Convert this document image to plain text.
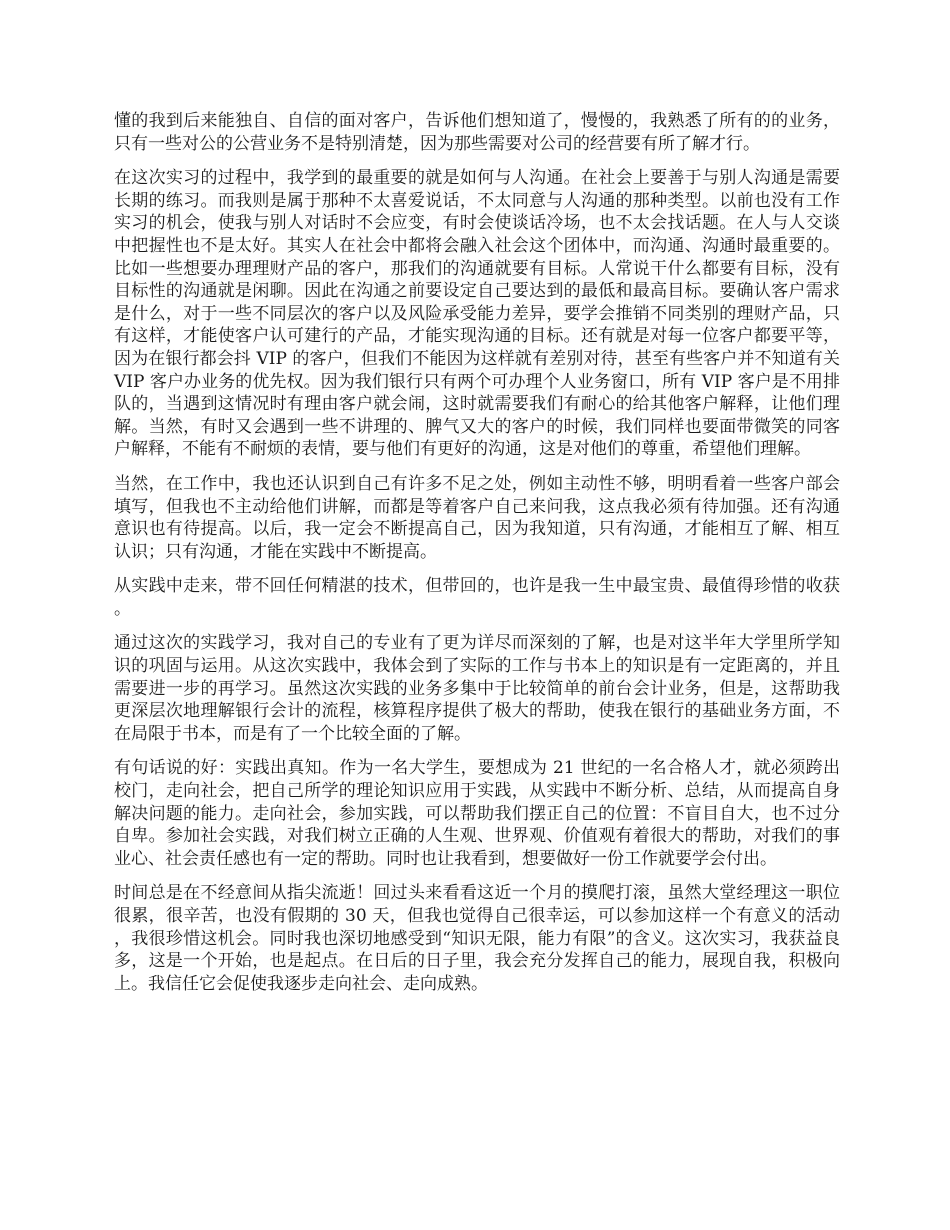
懂的我到后来能独自、自信的面对客户，告诉他们想知道了，慢慢的，我熟悉了所有的的业务，只有一些对公的公营业务不是特别清楚，因为那些需要对公司的经营要有所了解才行。

在这次实习的过程中，我学到的最重要的就是如何与人沟通。在社会上要善于与别人沟通是需要长期的练习。而我则是属于那种不太喜爱说话，不太同意与人沟通的那种类型。以前也没有工作实习的机会，使我与别人对话时不会应变，有时会使谈话冷场，也不太会找话题。在人与人交谈中把握性也不是太好。其实人在社会中都将会融入社会这个团体中，而沟通、沟通时最重要的。比如一些想要办理理财产品的客户，那我们的沟通就要有目标。人常说干什么都要有目标，没有目标性的沟通就是闲聊。因此在沟通之前要设定自己要达到的最低和最高目标。要确认客户需求是什么，对于一些不同层次的客户以及风险承受能力差异，要学会推销不同类别的理财产品，只有这样，才能使客户认可建行的产品，才能实现沟通的目标。还有就是对每一位客户都要平等，因为在银行都会抖 VIP 的客户，但我们不能因为这样就有差别对待，甚至有些客户并不知道有关 VIP 客户办业务的优先权。因为我们银行只有两个可办理个人业务窗口，所有 VIP 客户是不用排队的，当遇到这情况时有理由客户就会闹，这时就需要我们有耐心的给其他客户解释，让他们理解。当然，有时又会遇到一些不讲理的、脾气又大的客户的时候，我们同样也要面带微笑的同客户解释，不能有不耐烦的表情，要与他们有更好的沟通，这是对他们的尊重，希望他们理解。

当然，在工作中，我也还认识到自己有许多不足之处，例如主动性不够，明明看着一些客户部会填写，但我也不主动给他们讲解，而都是等着客户自己来问我，这点我必须有待加强。还有沟通意识也有待提高。以后，我一定会不断提高自己，因为我知道，只有沟通，才能相互了解、相互认识；只有沟通，才能在实践中不断提高。

从实践中走来，带不回任何精湛的技术，但带回的，也许是我一生中最宝贵、最值得珍惜的收获。

通过这次的实践学习，我对自己的专业有了更为详尽而深刻的了解，也是对这半年大学里所学知识的巩固与运用。从这次实践中，我体会到了实际的工作与书本上的知识是有一定距离的，并且需要进一步的再学习。虽然这次实践的业务多集中于比较简单的前台会计业务，但是，这帮助我更深层次地理解银行会计的流程，核算程序提供了极大的帮助，使我在银行的基础业务方面，不在局限于书本，而是有了一个比较全面的了解。

有句话说的好：实践出真知。作为一名大学生，要想成为 21 世纪的一名合格人才，就必须跨出校门，走向社会，把自己所学的理论知识应用于实践，从实践中不断分析、总结，从而提高自身解决问题的能力。走向社会，参加实践，可以帮助我们摆正自己的位置：不盲目自大，也不过分自卑。参加社会实践，对我们树立正确的人生观、世界观、价值观有着很大的帮助，对我们的事业心、社会责任感也有一定的帮助。同时也让我看到，想要做好一份工作就要学会付出。

时间总是在不经意间从指尖流逝！回过头来看看这近一个月的摸爬打滚，虽然大堂经理这一职位很累，很辛苦，也没有假期的 30 天，但我也觉得自己很幸运，可以参加这样一个有意义的活动，我很珍惜这机会。同时我也深切地感受到“知识无限，能力有限”的含义。这次实习，我获益良多，这是一个开始，也是起点。在日后的日子里，我会充分发挥自己的能力，展现自我，积极向上。我信任它会促使我逐步走向社会、走向成熟。
